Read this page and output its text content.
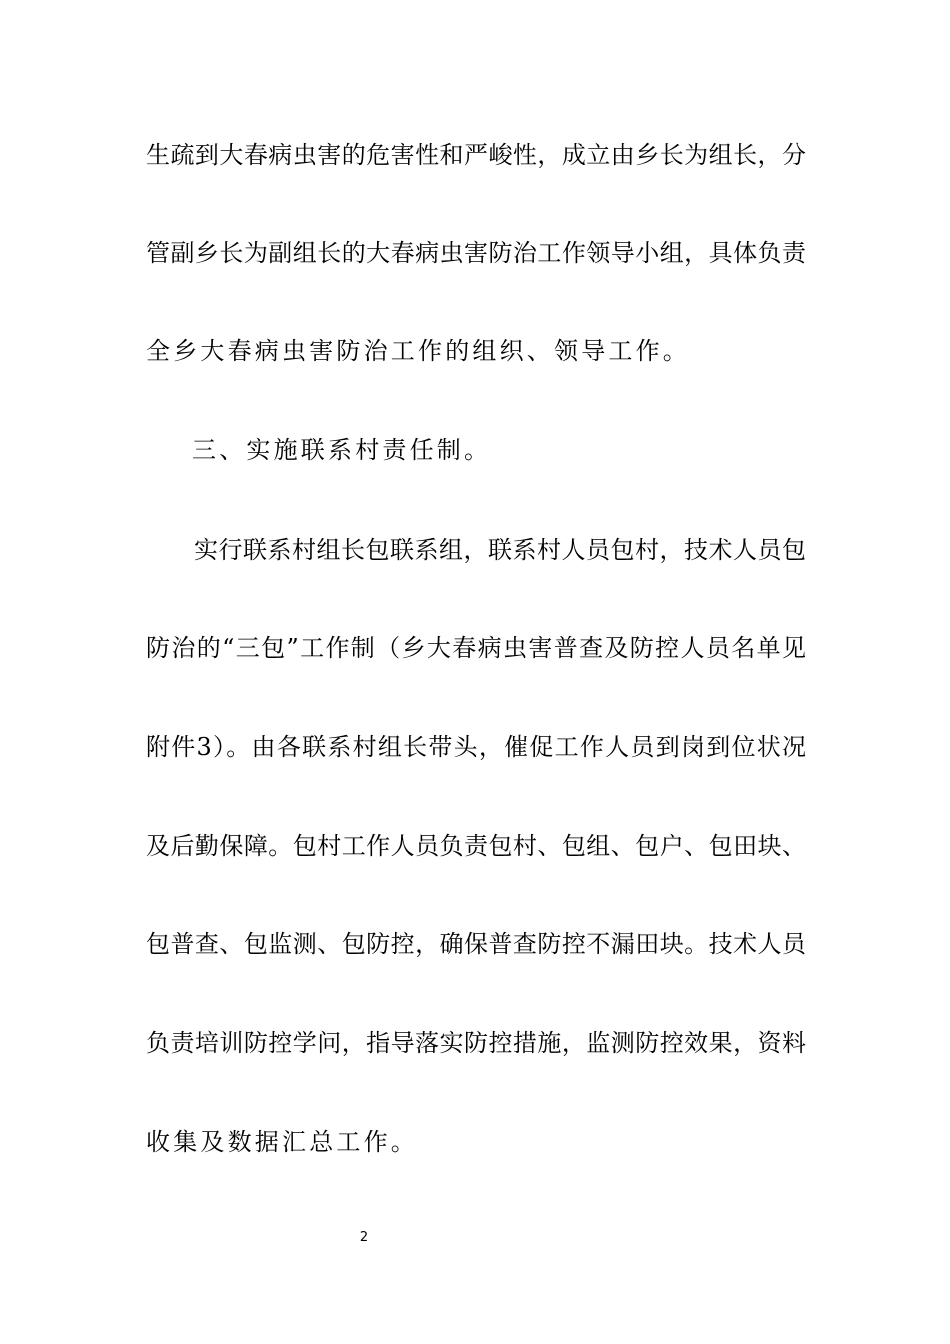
生疏到大春病虫害的危害性和严峻性，成立由乡长为组长，分
管副乡长为副组长的大春病虫害防治工作领导小组，具体负责
全乡大春病虫害防治工作的组织、领导工作。
三、实施联系村责任制。
实行联系村组长包联系组，联系村人员包村，技术人员包
防治的“三包”工作制（乡大春病虫害普查及防控人员名单见
附件3）。由各联系村组长带头，催促工作人员到岗到位状况
及后勤保障。包村工作人员负责包村、包组、包户、包田块、
包普查、包监测、包防控，确保普查防控不漏田块。技术人员
负责培训防控学问，指导落实防控措施，监测防控效果，资料
收集及数据汇总工作。
2
